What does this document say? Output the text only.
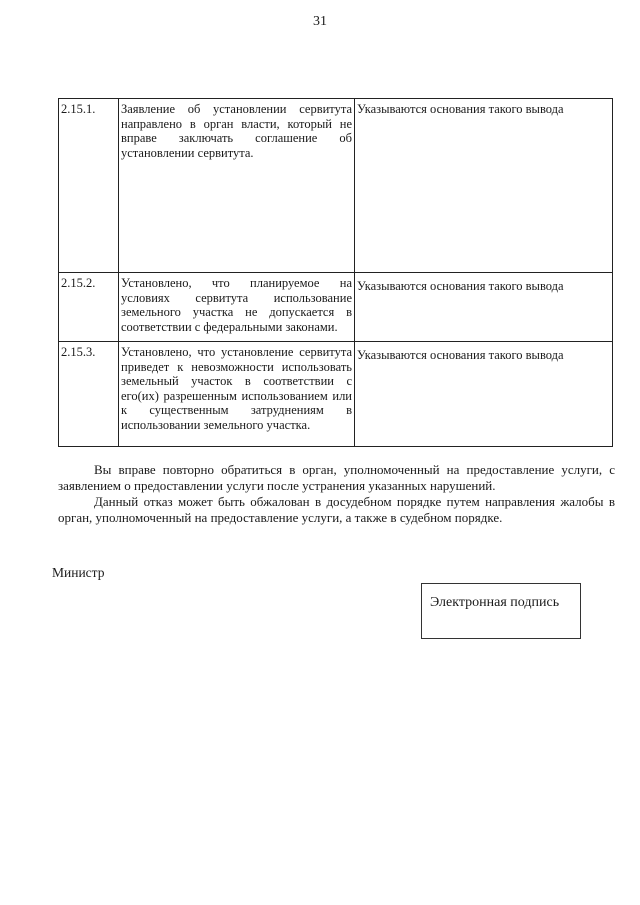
31
2.15.1.	Заявление об установлении сервитута направлено в орган власти, который не вправе заключать соглашение об установлении сервитута.	Указываются основания такого вывода
2.15.2.	Установлено, что планируемое на условиях сервитута использование земельного участка не допускается в соответствии с федеральными законами.	Указываются основания такого вывода
2.15.3.	Установлено, что установление сервитута приведет к невозможности использовать земельный участок в соответствии с его(их) разрешенным использованием или к существенным затруднениям в использовании земельного участка.	Указываются основания такого вывода

Вы вправе повторно обратиться в орган, уполномоченный на предоставление услуги, с заявлением о предоставлении услуги после устранения указанных нарушений.

Данный отказ может быть обжалован в досудебном порядке путем направления жалобы в орган, уполномоченный на предоставление услуги, а также в судебном порядке.

Министр
Электронная подпись
